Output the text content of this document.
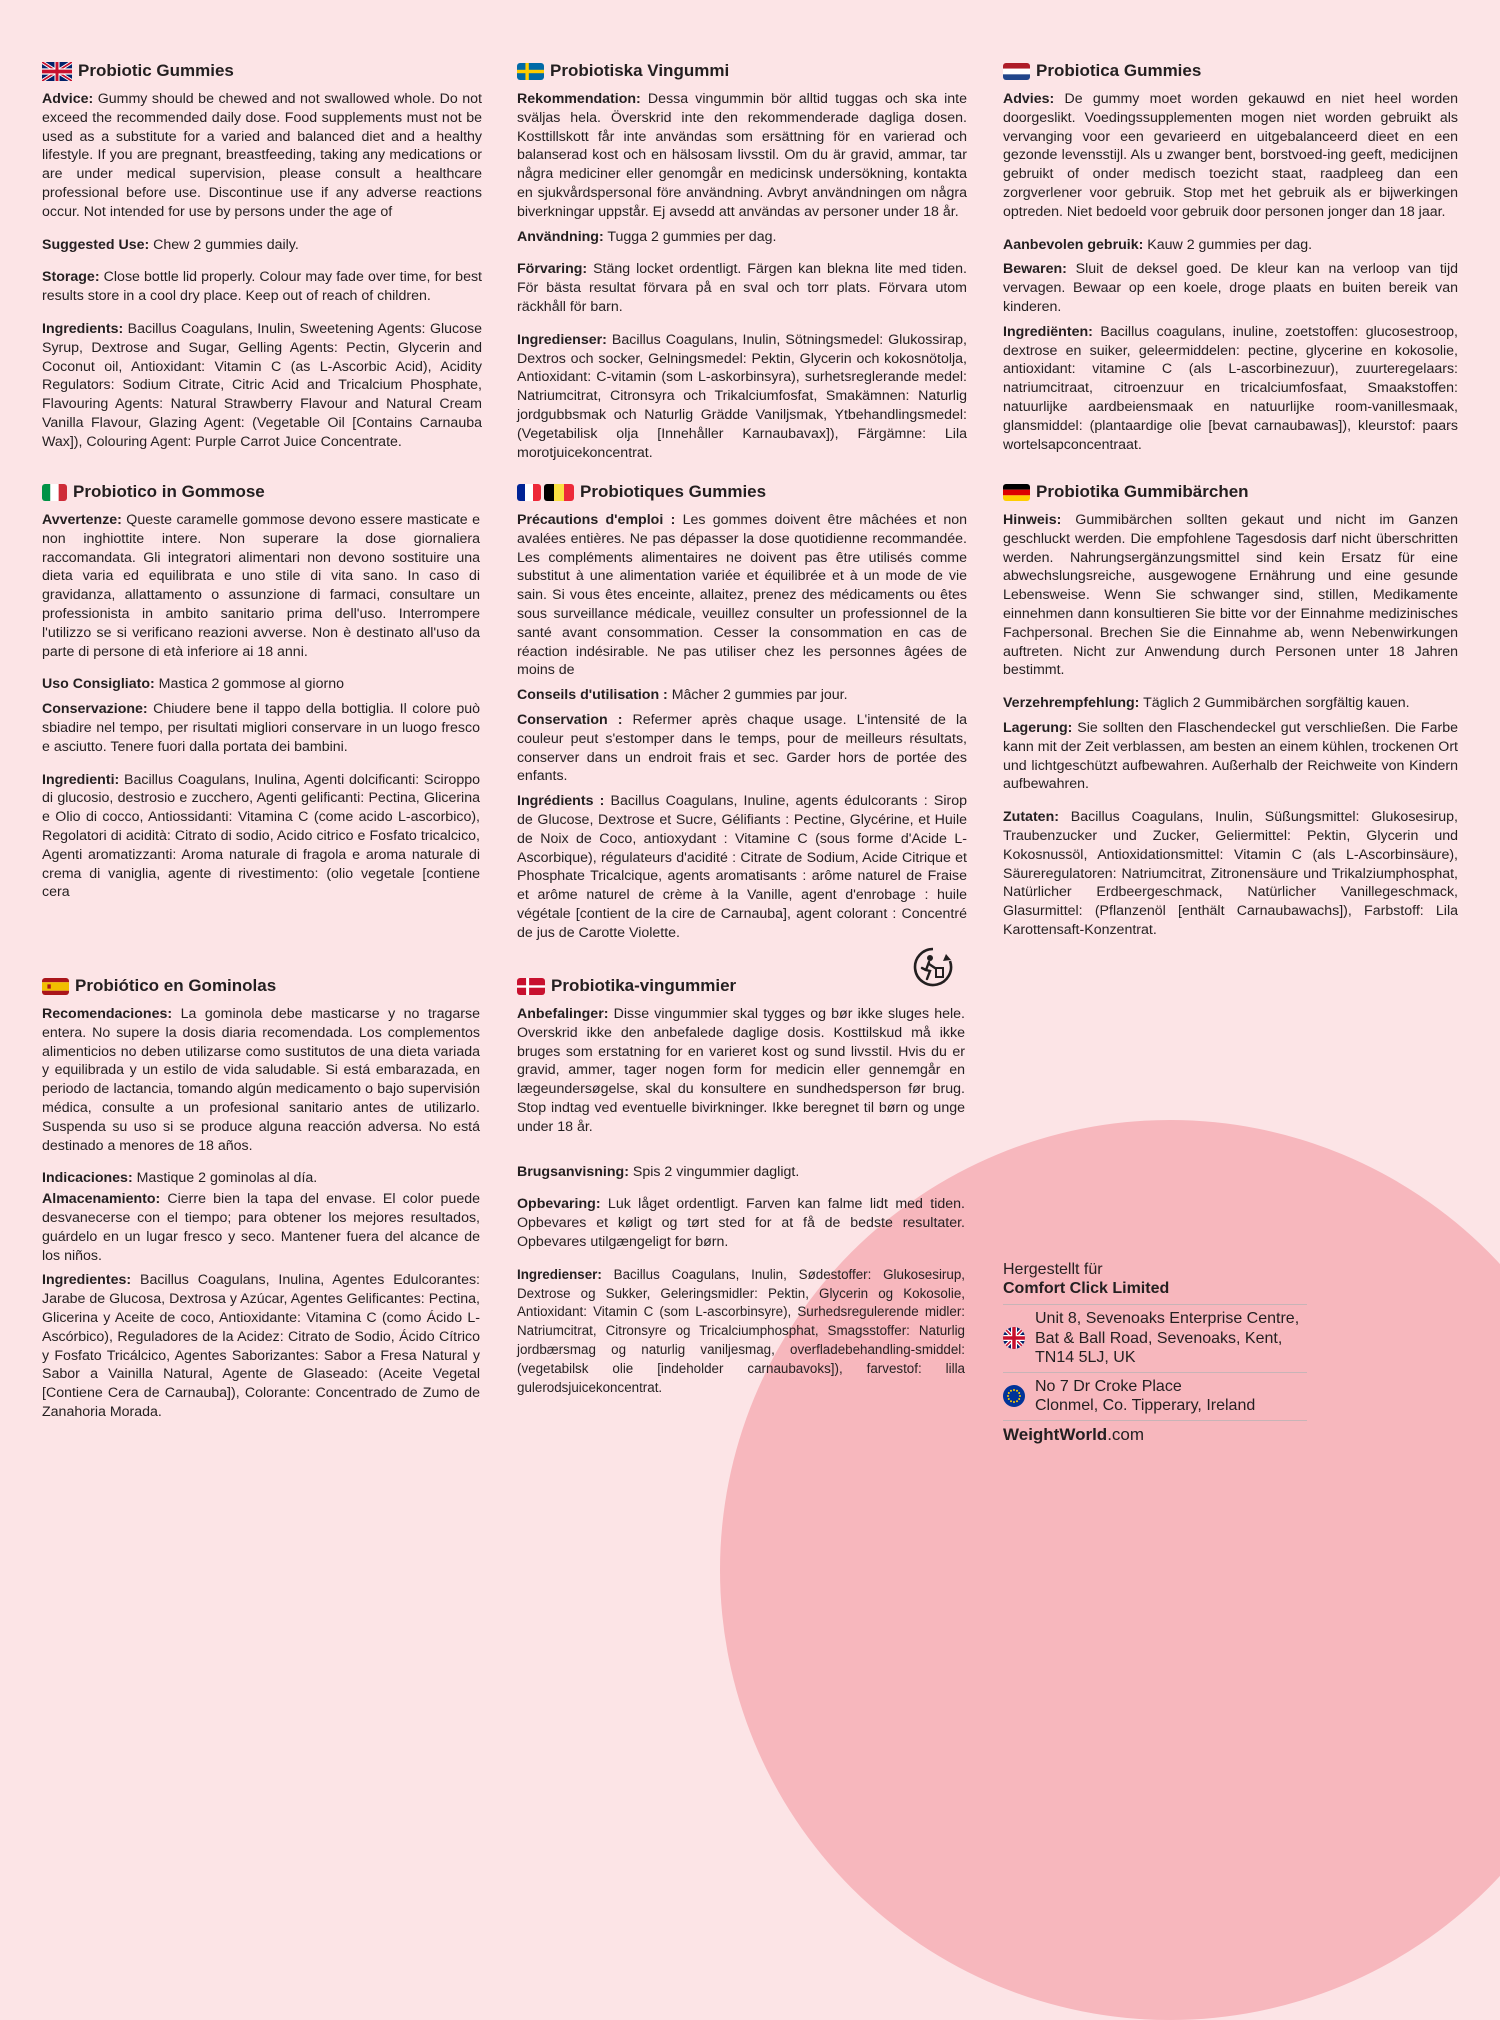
Probiotic Gummies

Advice: Gummy should be chewed and not swallowed whole. Do not exceed the recommended daily dose. Food supplements must not be used as a substitute for a varied and balanced diet and a healthy lifestyle. If you are pregnant, breastfeeding, taking any medications or are under medical supervision, please consult a healthcare professional before use. Discontinue use if any adverse reactions occur. Not intended for use by persons under the age of

Suggested Use: Chew 2 gummies daily.

Storage: Close bottle lid properly. Colour may fade over time, for best results store in a cool dry place. Keep out of reach of children.

Ingredients: Bacillus Coagulans, Inulin, Sweetening Agents: Glucose Syrup, Dextrose and Sugar, Gelling Agents: Pectin, Glycerin and Coconut oil, Antioxidant: Vitamin C (as L-Ascorbic Acid), Acidity Regulators: Sodium Citrate, Citric Acid and Tricalcium Phosphate, Flavouring Agents: Natural Strawberry Flavour and Natural Cream Vanilla Flavour, Glazing Agent: (Vegetable Oil [Contains Carnauba Wax]), Colouring Agent: Purple Carrot Juice Concentrate.

Probiotiska Vingummi

Rekommendation: Dessa vingummin bör alltid tuggas och ska inte sväljas hela. Överskrid inte den rekommenderade dagliga dosen. Kosttillskott får inte användas som ersättning för en varierad och balanserad kost och en hälsosam livsstil. Om du är gravid, ammar, tar några mediciner eller genomgår en medicinsk undersökning, kontakta en sjukvårdspersonal före användning. Avbryt användningen om några biverkningar uppstår. Ej avsedd att användas av personer under 18 år.

Användning: Tugga 2 gummies per dag.

Förvaring: Stäng locket ordentligt. Färgen kan blekna lite med tiden. För bästa resultat förvara på en sval och torr plats. Förvara utom räckhåll för barn.

Ingredienser: Bacillus Coagulans, Inulin, Sötningsmedel: Glukossirap, Dextros och socker, Gelningsmedel: Pektin, Glycerin och kokosnötolja, Antioxidant: C-vitamin (som L-askorbinsyra), surhetsreglerande medel: Natriumcitrat, Citronsyra och Trikalciumfosfat, Smakämnen: Naturlig jordgubbsmak och Naturlig Grädde Vaniljsmak, Ytbehandlingsmedel: (Vegetabilisk olja [Innehåller Karnaubavax]), Färgämne: Lila morotjuicekoncentrat.

Probiotica Gummies

Advies: De gummy moet worden gekauwd en niet heel worden doorgeslikt. Voedingssupplementen mogen niet worden gebruikt als vervanging voor een gevarieerd en uitgebalanceerd dieet en een gezonde levensstijl. Als u zwanger bent, borstvoed-ing geeft, medicijnen gebruikt of onder medisch toezicht staat, raadpleeg dan een zorgverlener voor gebruik. Stop met het gebruik als er bijwerkingen optreden. Niet bedoeld voor gebruik door personen jonger dan 18 jaar.

Aanbevolen gebruik: Kauw 2 gummies per dag.

Bewaren: Sluit de deksel goed. De kleur kan na verloop van tijd vervagen. Bewaar op een koele, droge plaats en buiten bereik van kinderen.

Ingrediënten: Bacillus coagulans, inuline, zoetstoffen: glucosestroop, dextrose en suiker, geleermiddelen: pectine, glycerine en kokosolie, antioxidant: vitamine C (als L-ascorbinezuur), zuurteregelaars: natriumcitraat, citroenzuur en tricalciumfosfaat, Smaakstoffen: natuurlijke aardbeiensmaak en natuurlijke room-vanillesmaak, glansmiddel: (plantaardige olie [bevat carnaubawas]), kleurstof: paars wortelsapconcentraat.

Probiotico in Gommose

Avvertenze: Queste caramelle gommose devono essere masticate e non inghiottite intere. Non superare la dose giornaliera raccomandata. Gli integratori alimentari non devono sostituire una dieta varia ed equilibrata e uno stile di vita sano. In caso di gravidanza, allattamento o assunzione di farmaci, consultare un professionista in ambito sanitario prima dell'uso. Interrompere l'utilizzo se si verificano reazioni avverse. Non è destinato all'uso da parte di persone di età inferiore ai 18 anni.

Uso Consigliato: Mastica 2 gommose al giorno

Conservazione: Chiudere bene il tappo della bottiglia. Il colore può sbiadire nel tempo, per risultati migliori conservare in un luogo fresco e asciutto. Tenere fuori dalla portata dei bambini.

Ingredienti: Bacillus Coagulans, Inulina, Agenti dolcificanti: Sciroppo di glucosio, destrosio e zucchero, Agenti gelificanti: Pectina, Glicerina e Olio di cocco, Antiossidanti: Vitamina C (come acido L-ascorbico), Regolatori di acidità: Citrato di sodio, Acido citrico e Fosfato tricalcico, Agenti aromatizzanti: Aroma naturale di fragola e aroma naturale di crema di vaniglia, agente di rivestimento: (olio vegetale [contiene cera

Probiotiques Gummies

Précautions d'emploi : Les gommes doivent être mâchées et non avalées entières. Ne pas dépasser la dose quotidienne recommandée. Les compléments alimentaires ne doivent pas être utilisés comme substitut à une alimentation variée et équilibrée et à un mode de vie sain. Si vous êtes enceinte, allaitez, prenez des médicaments ou êtes sous surveillance médicale, veuillez consulter un professionnel de la santé avant consommation. Cesser la consommation en cas de réaction indésirable. Ne pas utiliser chez les personnes âgées de moins de

Conseils d'utilisation : Mâcher 2 gummies par jour.

Conservation : Refermer après chaque usage. L'intensité de la couleur peut s'estomper dans le temps, pour de meilleurs résultats, conserver dans un endroit frais et sec. Garder hors de portée des enfants.

Ingrédients : Bacillus Coagulans, Inuline, agents édulcorants : Sirop de Glucose, Dextrose et Sucre, Gélifiants : Pectine, Glycérine, et Huile de Noix de Coco, antioxydant : Vitamine C (sous forme d'Acide L-Ascorbique), régulateurs d'acidité : Citrate de Sodium, Acide Citrique et Phosphate Tricalcique, agents aromatisants : arôme naturel de Fraise et arôme naturel de crème à la Vanille, agent d'enrobage : huile végétale [contient de la cire de Carnauba], agent colorant : Concentré de jus de Carotte Violette.

Probiotika Gummibärchen

Hinweis: Gummibärchen sollten gekaut und nicht im Ganzen geschluckt werden. Die empfohlene Tagesdosis darf nicht überschritten werden. Nahrungsergänzungsmittel sind kein Ersatz für eine abwechslungsreiche, ausgewogene Ernährung und eine gesunde Lebensweise. Wenn Sie schwanger sind, stillen, Medikamente einnehmen dann konsultieren Sie bitte vor der Einnahme medizinisches Fachpersonal. Brechen Sie die Einnahme ab, wenn Nebenwirkungen auftreten. Nicht zur Anwendung durch Personen unter 18 Jahren bestimmt.

Verzehrempfehlung: Täglich 2 Gummibärchen sorgfältig kauen.

Lagerung: Sie sollten den Flaschendeckel gut verschließen. Die Farbe kann mit der Zeit verblassen, am besten an einem kühlen, trockenen Ort und lichtgeschützt aufbewahren. Außerhalb der Reichweite von Kindern aufbewahren.

Zutaten: Bacillus Coagulans, Inulin, Süßungsmittel: Glukosesirup, Traubenzucker und Zucker, Geliermittel: Pektin, Glycerin und Kokosnussöl, Antioxidationsmittel: Vitamin C (als L-Ascorbinsäure), Säureregulatoren: Natriumcitrat, Zitronensäure und Trikalziumphosphat, Natürlicher Erdbeergeschmack, Natürlicher Vanillegeschmack, Glasurmittel: (Pflanzenöl [enthält Carnaubawachs]), Farbstoff: Lila Karottensaft-Konzentrat.

Probiótico en Gominolas

Recomendaciones: La gominola debe masticarse y no tragarse entera. No supere la dosis diaria recomendada. Los complementos alimenticios no deben utilizarse como sustitutos de una dieta variada y equilibrada y un estilo de vida saludable. Si está embarazada, en periodo de lactancia, tomando algún medicamento o bajo supervisión médica, consulte a un profesional sanitario antes de utilizarlo. Suspenda su uso si se produce alguna reacción adversa. No está destinado a menores de 18 años.

Indicaciones: Mastique 2 gominolas al día.

Almacenamiento: Cierre bien la tapa del envase. El color puede desvanecerse con el tiempo; para obtener los mejores resultados, guárdelo en un lugar fresco y seco. Mantener fuera del alcance de los niños.

Ingredientes: Bacillus Coagulans, Inulina, Agentes Edulcorantes: Jarabe de Glucosa, Dextrosa y Azúcar, Agentes Gelificantes: Pectina, Glicerina y Aceite de coco, Antioxidante: Vitamina C (como Ácido L-Ascórbico), Reguladores de la Acidez: Citrato de Sodio, Ácido Cítrico y Fosfato Tricálcico, Agentes Saborizantes: Sabor a Fresa Natural y Sabor a Vainilla Natural, Agente de Glaseado: (Aceite Vegetal [Contiene Cera de Carnauba]), Colorante: Concentrado de Zumo de Zanahoria Morada.

Probiotika-vingummier

Anbefalinger: Disse vingummier skal tygges og bør ikke sluges hele. Overskrid ikke den anbefalede daglige dosis. Kosttilskud må ikke bruges som erstatning for en varieret kost og sund livsstil. Hvis du er gravid, ammer, tager nogen form for medicin eller gennemgår en lægeundersøgelse, skal du konsultere en sundhedsperson før brug. Stop indtag ved eventuelle bivirkninger. Ikke beregnet til børn og unge under 18 år.

Brugsanvisning: Spis 2 vingummier dagligt.

Opbevaring: Luk låget ordentligt. Farven kan falme lidt med tiden. Opbevares et køligt og tørt sted for at få de bedste resultater. Opbevares utilgængeligt for børn.

Ingredienser: Bacillus Coagulans, Inulin, Sødestoffer: Glukosesirup, Dextrose og Sukker, Geleringsmidler: Pektin, Glycerin og Kokosolie, Antioxidant: Vitamin C (som L-ascorbinsyre), Surhedsregulerende midler: Natriumcitrat, Citronsyre og Tricalciumphosphat, Smagsstoffer: Naturlig jordbærsmag og naturlig vaniljesmag, overfladebehandling-smiddel: (vegetabilsk olie [indeholder carnaubavoks]), farvestof: lilla gulerodsjuicekoncentrat.

Hergestellt für
Comfort Click Limited
Unit 8, Sevenoaks Enterprise Centre,
Bat & Ball Road, Sevenoaks, Kent,
TN14 5LJ, UK
No 7 Dr Croke Place
Clonmel, Co. Tipperary, Ireland
WeightWorld.com
